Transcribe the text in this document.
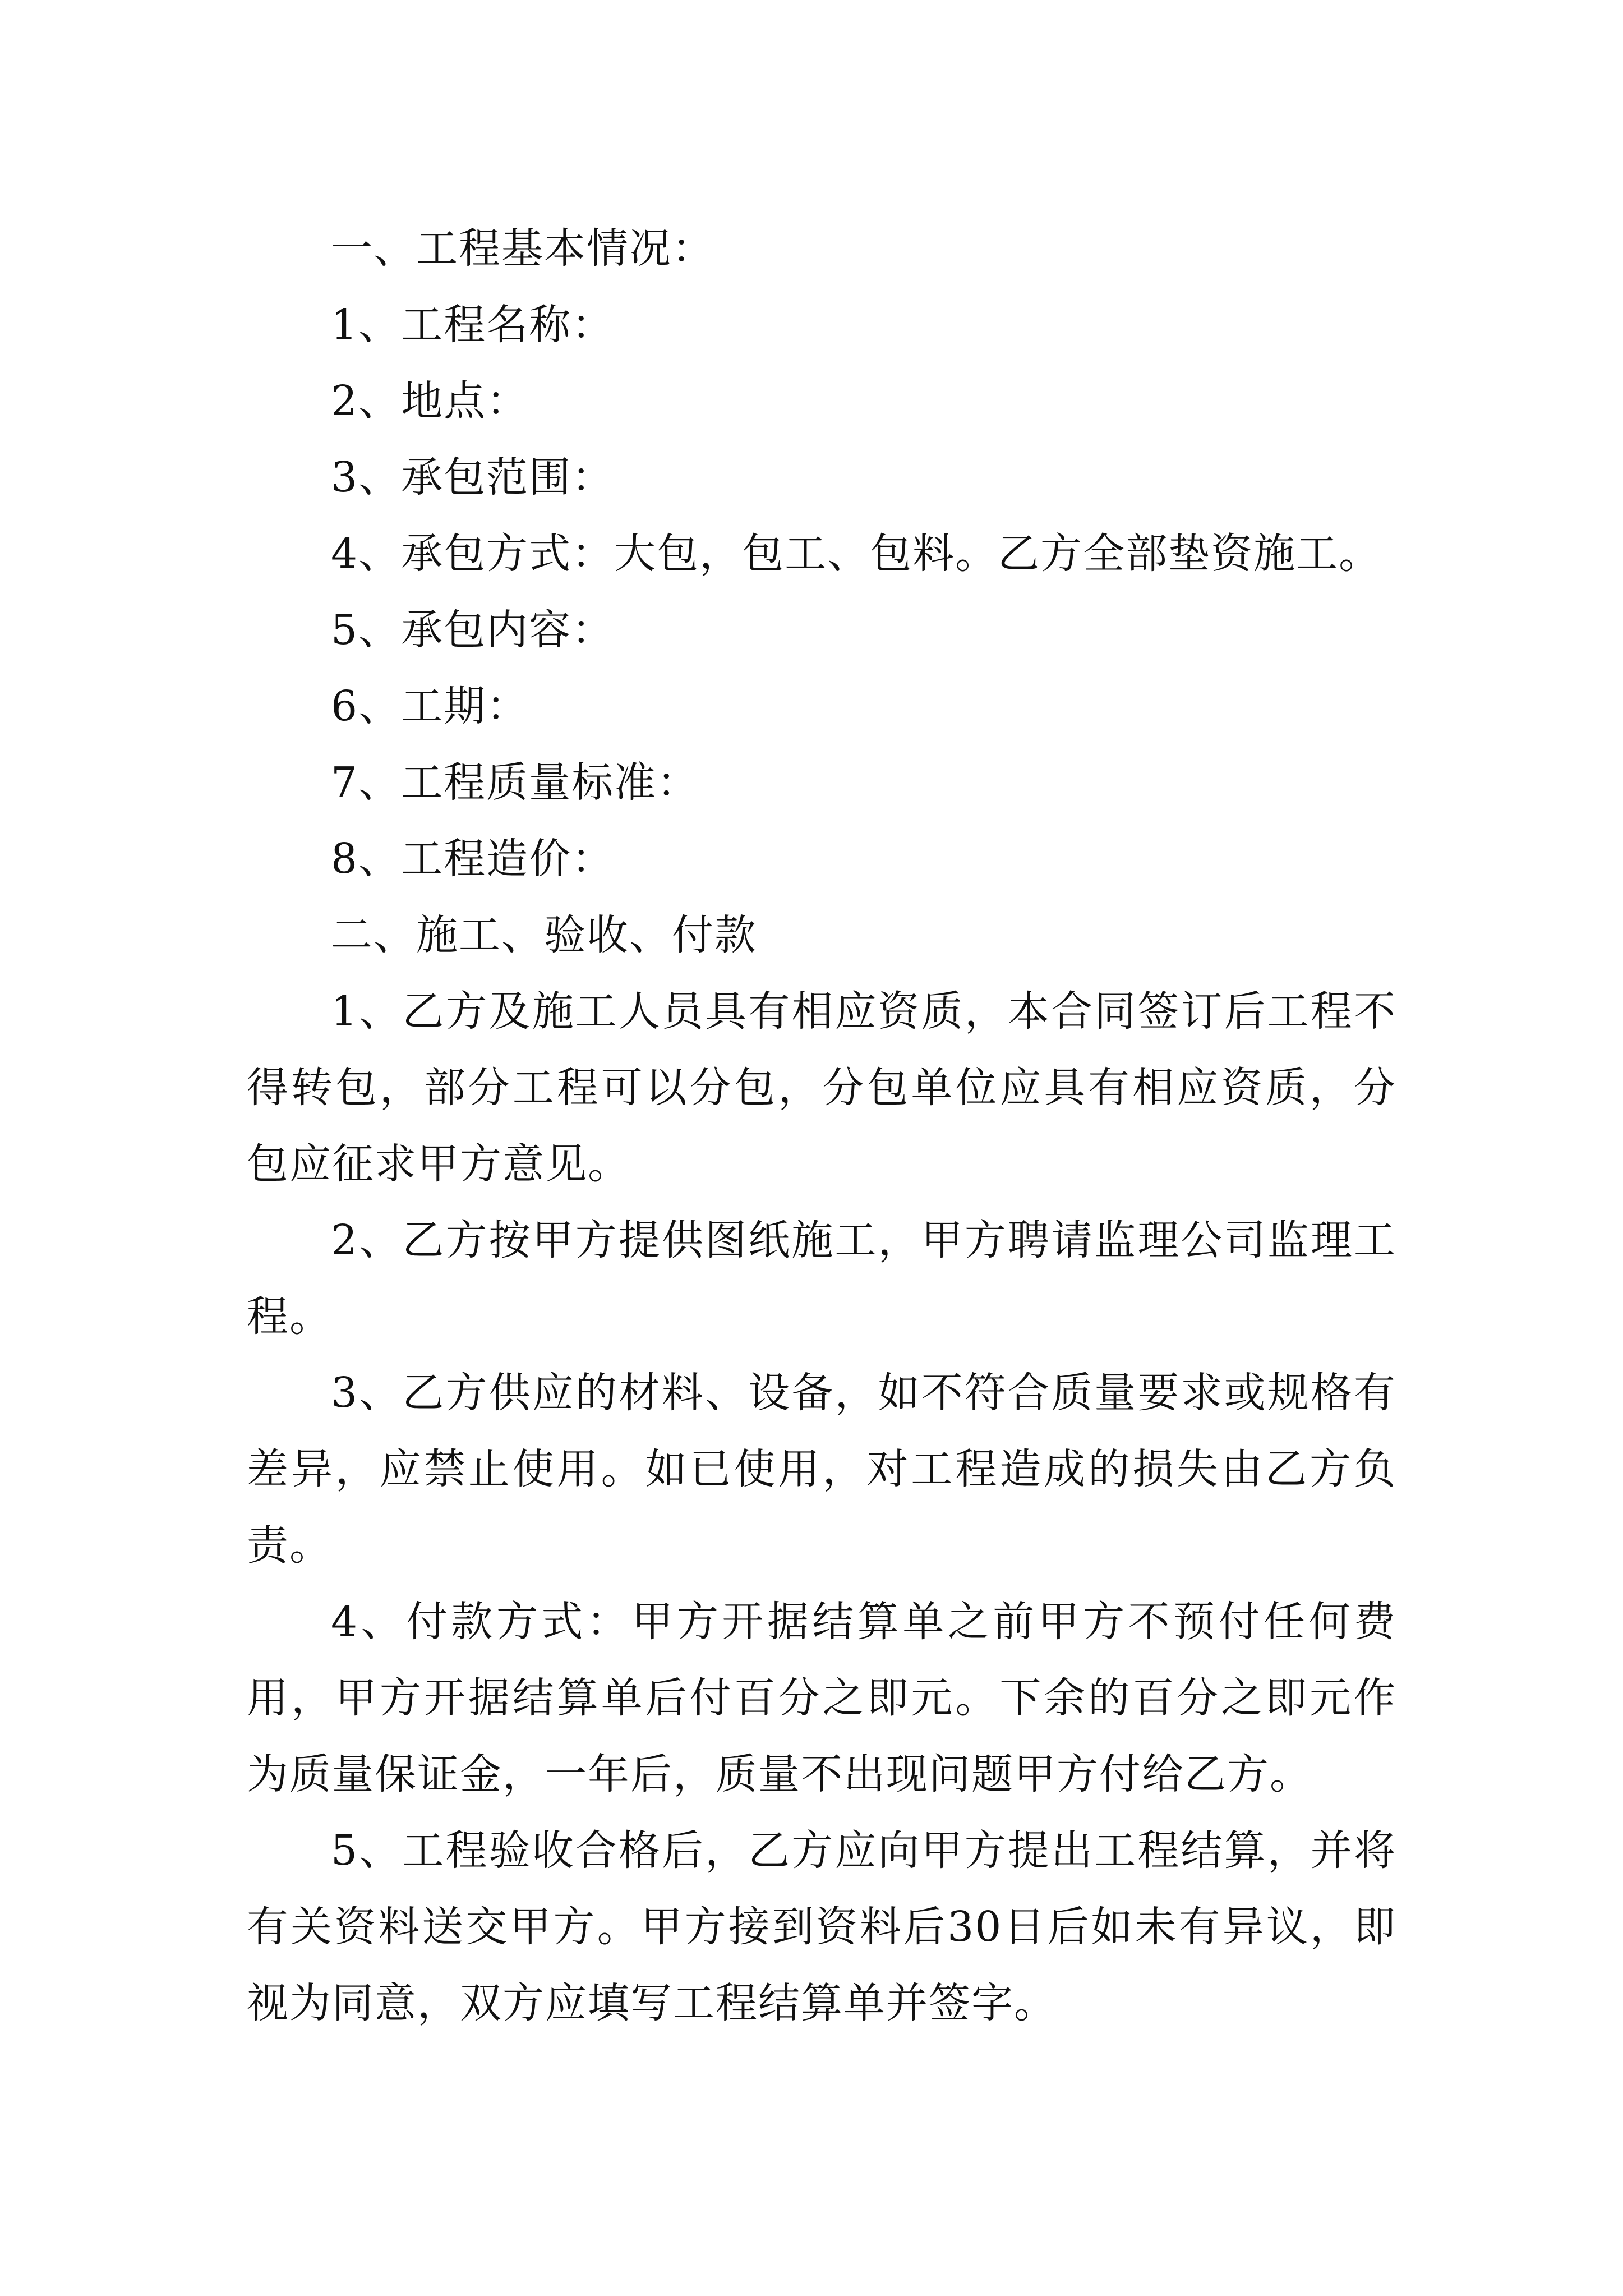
一、工程基本情况：

1、工程名称：

2、地点：

3、承包范围：

4、承包方式：大包，包工、包料。乙方全部垫资施工。

5、承包内容：

6、工期：

7、工程质量标准：

8、工程造价：

二、施工、验收、付款

1、乙方及施工人员具有相应资质，本合同签订后工程不得转包，部分工程可以分包，分包单位应具有相应资质，分包应征求甲方意见。

2、乙方按甲方提供图纸施工，甲方聘请监理公司监理工程。

3、乙方供应的材料、设备，如不符合质量要求或规格有差异，应禁止使用。如已使用，对工程造成的损失由乙方负责。

4、付款方式：甲方开据结算单之前甲方不预付任何费用，甲方开据结算单后付百分之即元。下余的百分之即元作为质量保证金，一年后，质量不出现问题甲方付给乙方。

5、工程验收合格后，乙方应向甲方提出工程结算，并将有关资料送交甲方。甲方接到资料后30日后如未有异议，即视为同意，双方应填写工程结算单并签字。
